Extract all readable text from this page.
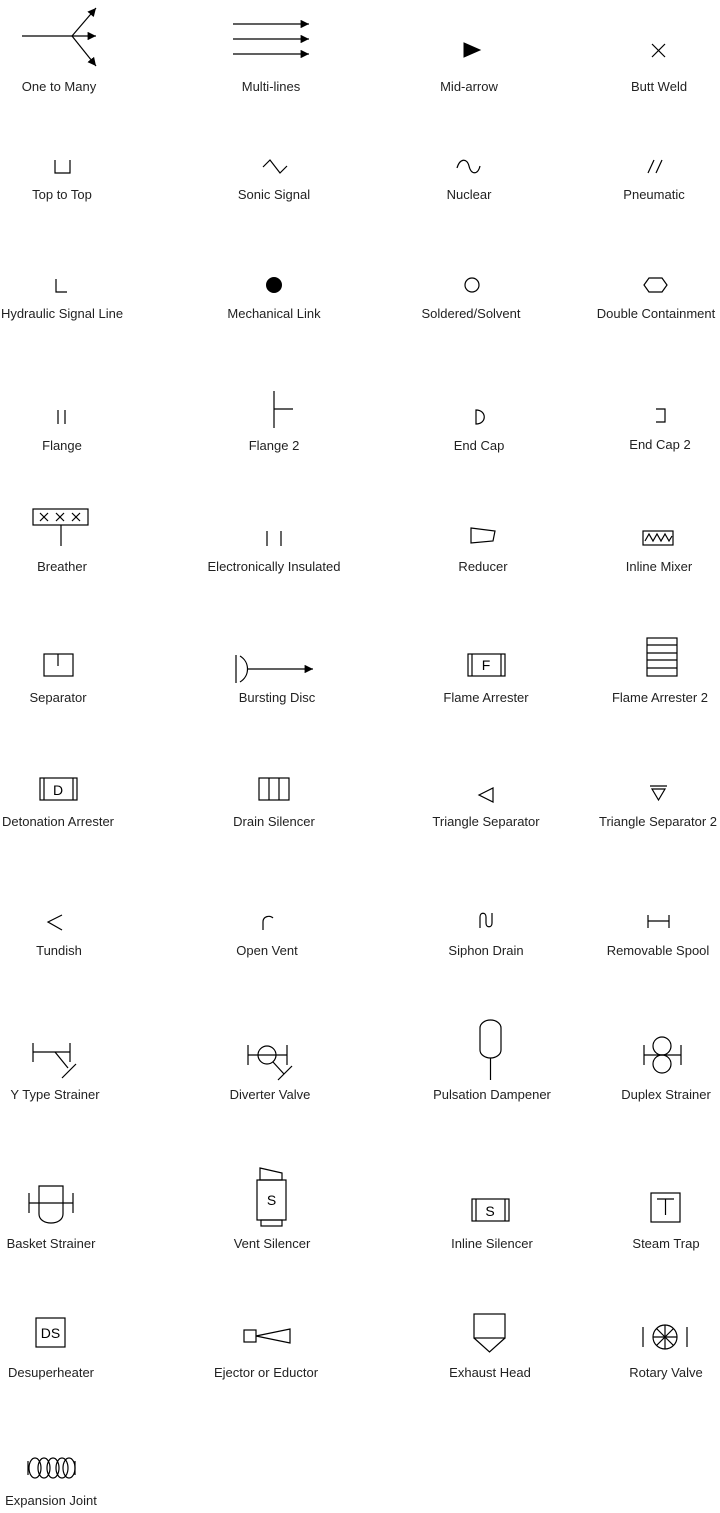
F
D
S
S
DS
One to Many	Multi-lines	Mid-arrow	Butt Weld
Top to Top	Sonic Signal	Nuclear	Pneumatic
Hydraulic Signal Line	Mechanical Link	Soldered/Solvent	Double Containment
Flange	Flange 2	End Cap	End Cap 2
Breather	Electronically Insulated	Reducer	Inline Mixer
Separator	Bursting Disc	Flame Arrester	Flame Arrester 2
Detonation Arrester	Drain Silencer	Triangle Separator	Triangle Separator 2
Tundish	Open Vent	Siphon Drain	Removable Spool
Y Type Strainer	Diverter Valve	Pulsation Dampener	Duplex Strainer
Basket Strainer	Vent Silencer	Inline Silencer	Steam Trap
Desuperheater	Ejector or Eductor	Exhaust Head	Rotary Valve
Expansion Joint
